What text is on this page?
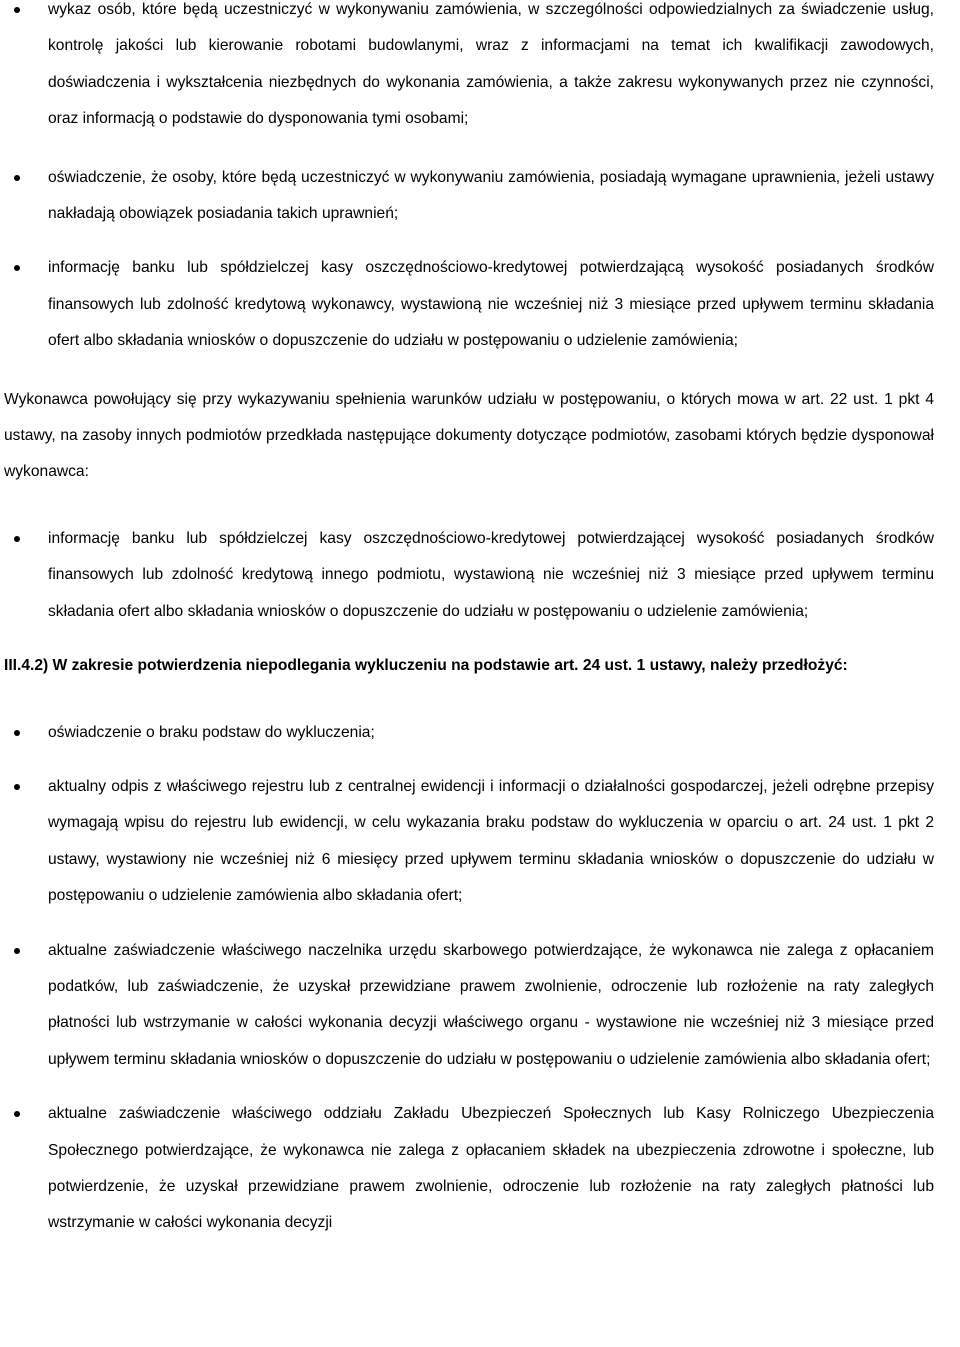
wykaz osób, które będą uczestniczyć w wykonywaniu zamówienia, w szczególności odpowiedzialnych za świadczenie usług, kontrolę jakości lub kierowanie robotami budowlanymi, wraz z informacjami na temat ich kwalifikacji zawodowych, doświadczenia i wykształcenia niezbędnych do wykonania zamówienia, a także zakresu wykonywanych przez nie czynności, oraz informacją o podstawie do dysponowania tymi osobami;
oświadczenie, że osoby, które będą uczestniczyć w wykonywaniu zamówienia, posiadają wymagane uprawnienia, jeżeli ustawy nakładają obowiązek posiadania takich uprawnień;
informację banku lub spółdzielczej kasy oszczędnościowo-kredytowej potwierdzającą wysokość posiadanych środków finansowych lub zdolność kredytową wykonawcy, wystawioną nie wcześniej niż 3 miesiące przed upływem terminu składania ofert albo składania wniosków o dopuszczenie do udziału w postępowaniu o udzielenie zamówienia;

Wykonawca powołujący się przy wykazywaniu spełnienia warunków udziału w postępowaniu, o których mowa w art. 22 ust. 1 pkt 4 ustawy, na zasoby innych podmiotów przedkłada następujące dokumenty dotyczące podmiotów, zasobami których będzie dysponował wykonawca:

informację banku lub spółdzielczej kasy oszczędnościowo-kredytowej potwierdzającej wysokość posiadanych środków finansowych lub zdolność kredytową innego podmiotu, wystawioną nie wcześniej niż 3 miesiące przed upływem terminu składania ofert albo składania wniosków o dopuszczenie do udziału w postępowaniu o udzielenie zamówienia;

III.4.2) W zakresie potwierdzenia niepodlegania wykluczeniu na podstawie art. 24 ust. 1 ustawy, należy przedłożyć:

oświadczenie o braku podstaw do wykluczenia;
aktualny odpis z właściwego rejestru lub z centralnej ewidencji i informacji o działalności gospodarczej, jeżeli odrębne przepisy wymagają wpisu do rejestru lub ewidencji, w celu wykazania braku podstaw do wykluczenia w oparciu o art. 24 ust. 1 pkt 2 ustawy, wystawiony nie wcześniej niż 6 miesięcy przed upływem terminu składania wniosków o dopuszczenie do udziału w postępowaniu o udzielenie zamówienia albo składania ofert;
aktualne zaświadczenie właściwego naczelnika urzędu skarbowego potwierdzające, że wykonawca nie zalega z opłacaniem podatków, lub zaświadczenie, że uzyskał przewidziane prawem zwolnienie, odroczenie lub rozłożenie na raty zaległych płatności lub wstrzymanie w całości wykonania decyzji właściwego organu - wystawione nie wcześniej niż 3 miesiące przed upływem terminu składania wniosków o dopuszczenie do udziału w postępowaniu o udzielenie zamówienia albo składania ofert;
aktualne zaświadczenie właściwego oddziału Zakładu Ubezpieczeń Społecznych lub Kasy Rolniczego Ubezpieczenia Społecznego potwierdzające, że wykonawca nie zalega z opłacaniem składek na ubezpieczenia zdrowotne i społeczne, lub potwierdzenie, że uzyskał przewidziane prawem zwolnienie, odroczenie lub rozłożenie na raty zaległych płatności lub wstrzymanie w całości wykonania decyzji
